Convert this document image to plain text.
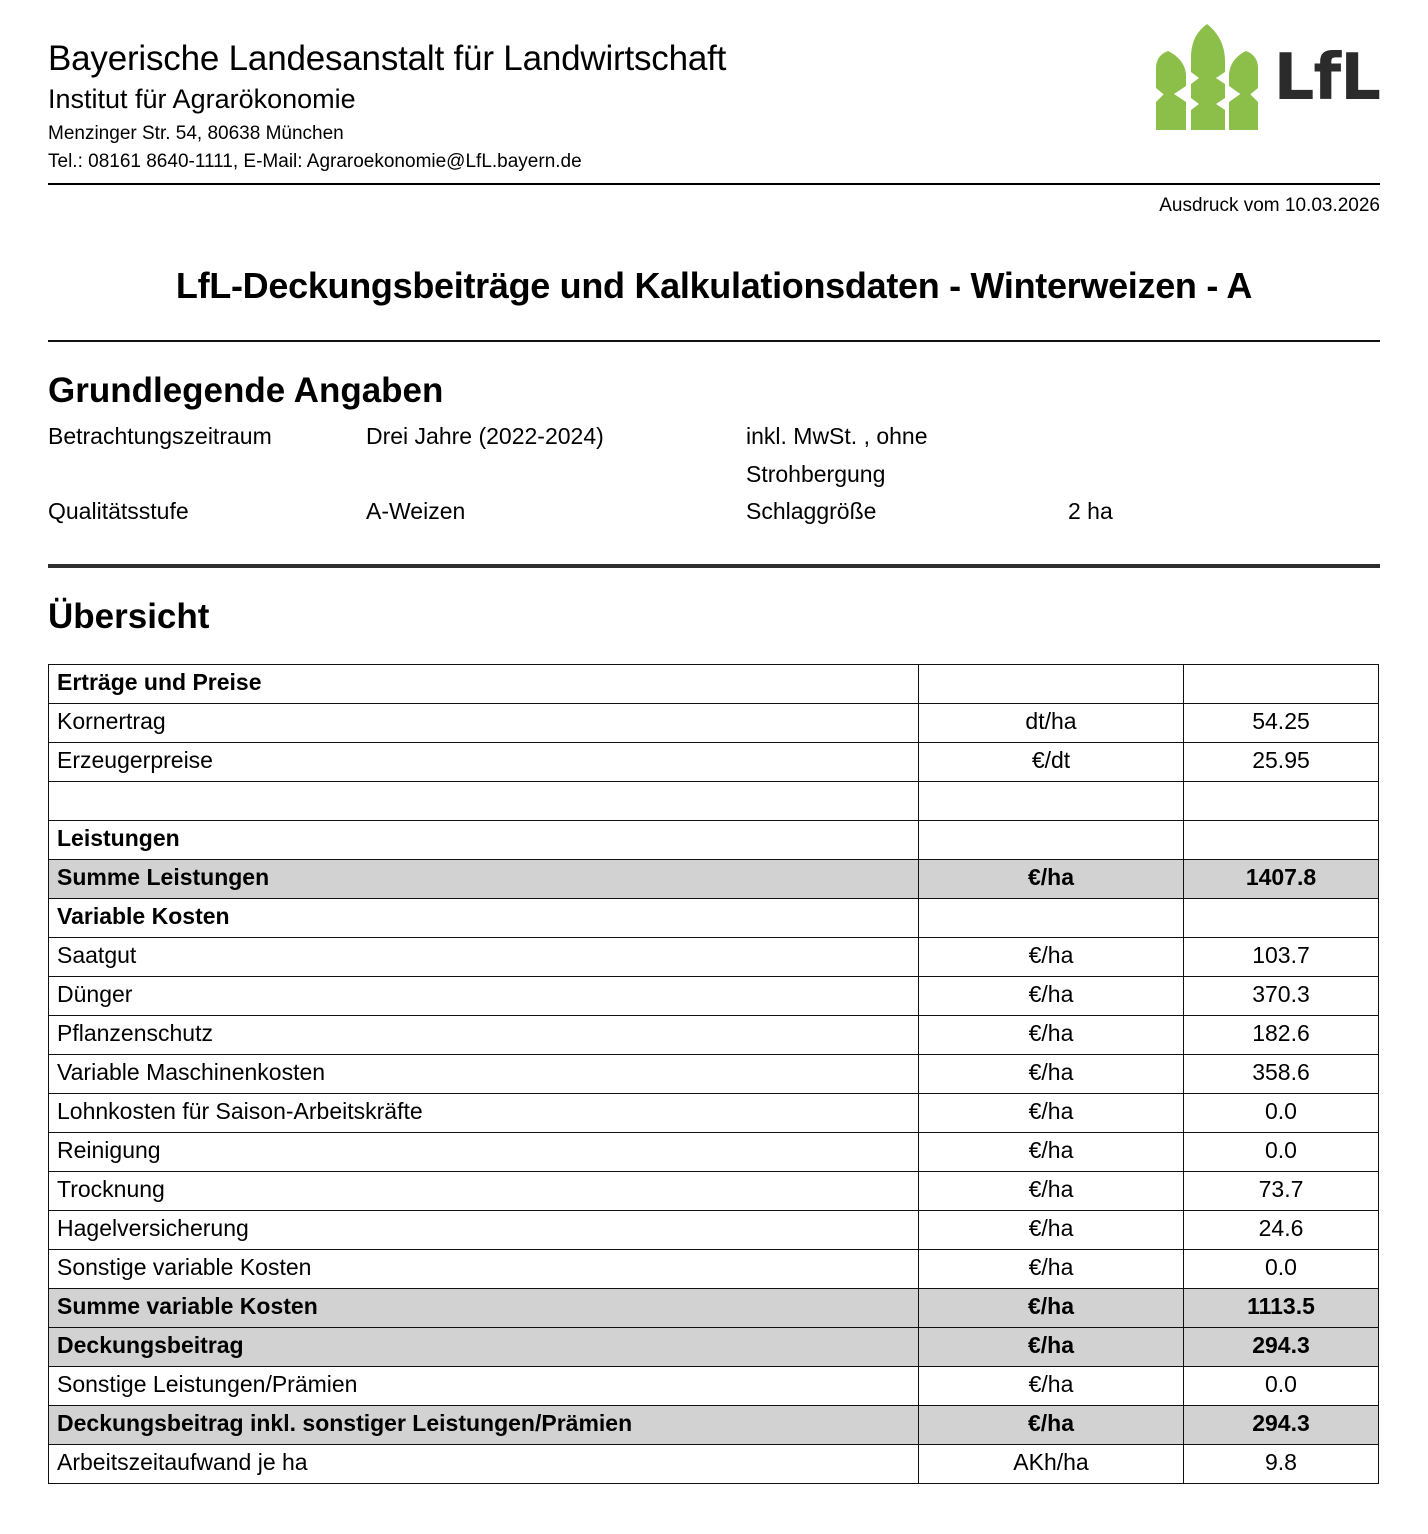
LfL
Bayerische Landesanstalt für Landwirtschaft
Institut für Agrarökonomie
Menzinger Str. 54, 80638 München
Tel.: 08161 8640-1111, E-Mail: Agraroekonomie@LfL.bayern.de
Ausdruck vom 10.03.2026
LfL-Deckungsbeiträge und Kalkulationsdaten - Winterweizen - A
Grundlegende Angaben
Betrachtungszeitraum	Drei Jahre (2022-2024)	inkl. MwSt. , ohne Strohbergung
Qualitätsstufe	A-Weizen	Schlaggröße	2 ha
Übersicht
Erträge und Preise		
Kornertrag	dt/ha	54.25
Erzeugerpreise	€/dt	25.95

Leistungen		
Summe Leistungen	€/ha	1407.8
Variable Kosten		
Saatgut	€/ha	103.7
Dünger	€/ha	370.3
Pflanzenschutz	€/ha	182.6
Variable Maschinenkosten	€/ha	358.6
Lohnkosten für Saison-Arbeitskräfte	€/ha	0.0
Reinigung	€/ha	0.0
Trocknung	€/ha	73.7
Hagelversicherung	€/ha	24.6
Sonstige variable Kosten	€/ha	0.0
Summe variable Kosten	€/ha	1113.5
Deckungsbeitrag	€/ha	294.3
Sonstige Leistungen/Prämien	€/ha	0.0
Deckungsbeitrag inkl. sonstiger Leistungen/Prämien	€/ha	294.3
Arbeitszeitaufwand je ha	AKh/ha	9.8
